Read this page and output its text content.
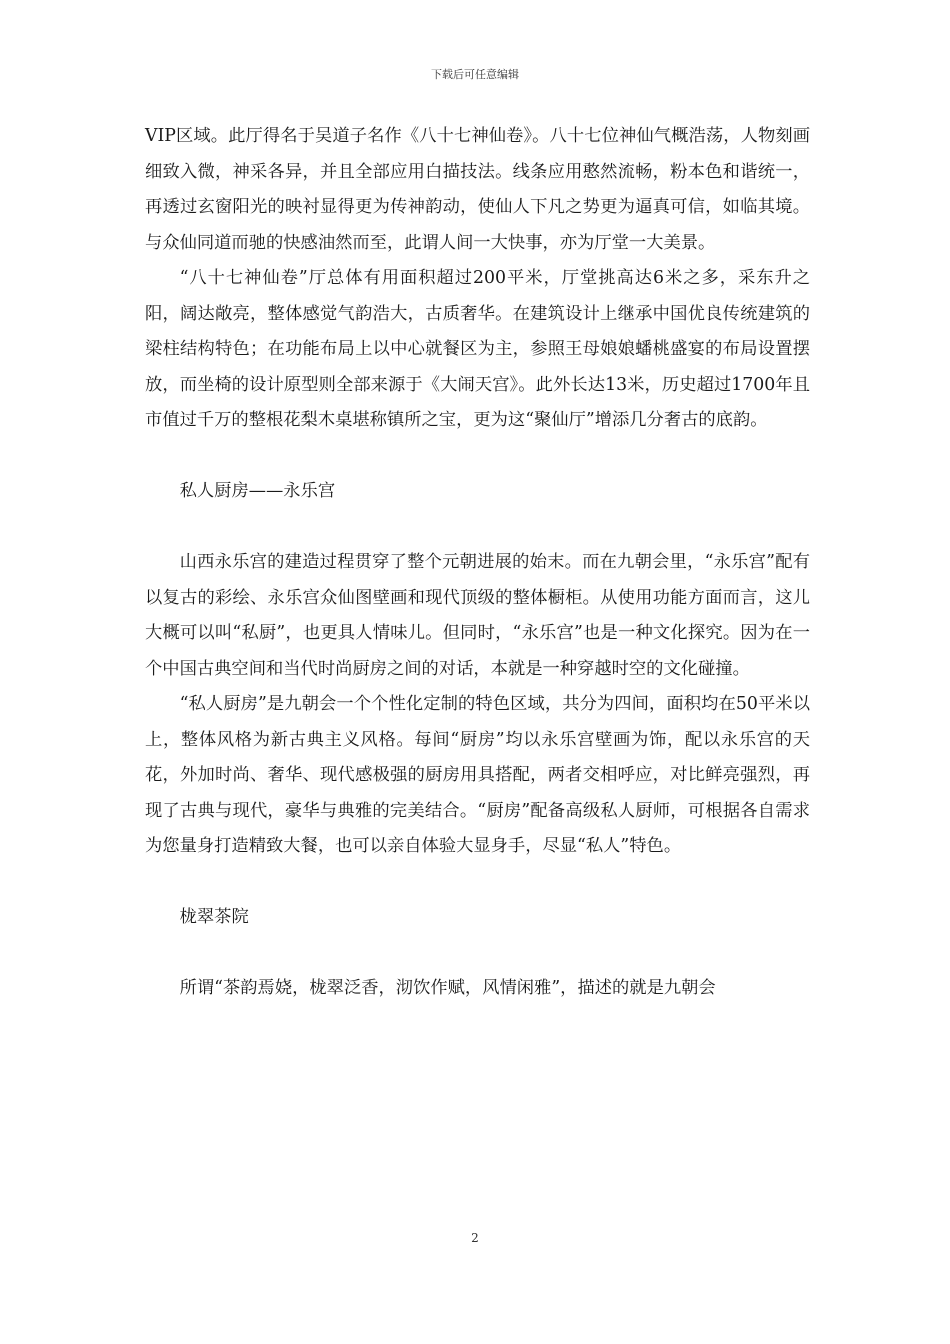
下载后可任意编辑

VIP区域。此厅得名于吴道子名作《八十七神仙卷》。八十七位神仙气概浩荡，人物刻画细致入微，神采各异，并且全部应用白描技法。线条应用憨然流畅，粉本色和谐统一，再透过玄窗阳光的映衬显得更为传神韵动，使仙人下凡之势更为逼真可信，如临其境。与众仙同道而驰的快感油然而至，此谓人间一大快事，亦为厅堂一大美景。

“八十七神仙卷”厅总体有用面积超过200平米，厅堂挑高达6米之多，采东升之阳，阔达敞亮，整体感觉气韵浩大，古质奢华。在建筑设计上继承中国优良传统建筑的梁柱结构特色；在功能布局上以中心就餐区为主，参照王母娘娘蟠桃盛宴的布局设置摆放，而坐椅的设计原型则全部来源于《大闹天宫》。此外长达13米，历史超过1700年且市值过千万的整根花梨木桌堪称镇所之宝，更为这“聚仙厅”增添几分奢古的底韵。

私人厨房——永乐宫

山西永乐宫的建造过程贯穿了整个元朝进展的始末。而在九朝会里，“永乐宫”配有以复古的彩绘、永乐宫众仙图壁画和现代顶级的整体橱柜。从使用功能方面而言，这儿大概可以叫“私厨”，也更具人情味儿。但同时，“永乐宫”也是一种文化探究。因为在一个中国古典空间和当代时尚厨房之间的对话，本就是一种穿越时空的文化碰撞。

“私人厨房”是九朝会一个个性化定制的特色区域，共分为四间，面积均在50平米以上，整体风格为新古典主义风格。每间“厨房”均以永乐宫壁画为饰，配以永乐宫的天花，外加时尚、奢华、现代感极强的厨房用具搭配，两者交相呼应，对比鲜亮强烈，再现了古典与现代，豪华与典雅的完美结合。“厨房”配备高级私人厨师，可根据各自需求为您量身打造精致大餐，也可以亲自体验大显身手，尽显“私人”特色。

栊翠茶院

所谓“茶韵焉娆，栊翠泛香，沏饮作赋，风情闲雅”，描述的就是九朝会

2
